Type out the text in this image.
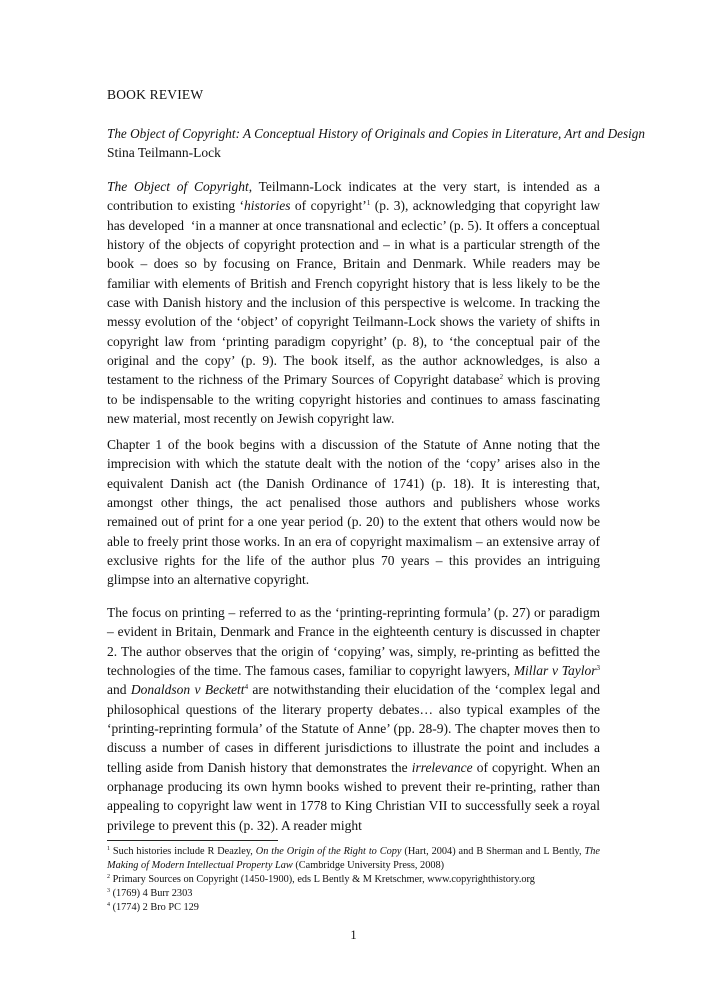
BOOK REVIEW
The Object of Copyright: A Conceptual History of Originals and Copies in Literature, Art and Design
Stina Teilmann-Lock

The Object of Copyright, Teilmann-Lock indicates at the very start, is intended as a contribution to existing ‘histories of copyright’$^1$ (p. 3), acknowledging that copyright law has developed  ‘in a manner at once transnational and eclectic’ (p. 5). It offers a conceptual history of the objects of copyright protection and – in what is a particular strength of the book – does so by focusing on France, Britain and Denmark. While readers may be familiar with elements of British and French copyright history that is less likely to be the case with Danish history and the inclusion of this perspective is welcome. In tracking the messy evolution of the ‘object’ of copyright Teilmann-Lock shows the variety of shifts in copyright law from ‘printing paradigm copyright’ (p. 8), to ‘the conceptual pair of the original and the copy’ (p. 9). The book itself, as the author acknowledges, is also a testament to the richness of the Primary Sources of Copyright database$^2$ which is proving to be indispensable to the writing copyright histories and continues to amass fascinating new material, most recently on Jewish copyright law.

Chapter 1 of the book begins with a discussion of the Statute of Anne noting that the imprecision with which the statute dealt with the notion of the ‘copy’ arises also in the equivalent Danish act (the Danish Ordinance of 1741) (p. 18). It is interesting that, amongst other things, the act penalised those authors and publishers whose works remained out of print for a one year period (p. 20) to the extent that others would now be able to freely print those works. In an era of copyright maximalism – an extensive array of exclusive rights for the life of the author plus 70 years – this provides an intriguing glimpse into an alternative copyright.

The focus on printing – referred to as the ‘printing-reprinting formula’ (p. 27) or paradigm – evident in Britain, Denmark and France in the eighteenth century is discussed in chapter 2. The author observes that the origin of ‘copying’ was, simply, re-printing as befitted the technologies of the time. The famous cases, familiar to copyright lawyers, Millar v Taylor$^3$ and Donaldson v Beckett$^4$ are notwithstanding their elucidation of the ‘complex legal and philosophical questions of the literary property debates… also typical examples of the ‘printing-reprinting formula’ of the Statute of Anne’ (pp. 28-9). The chapter moves then to discuss a number of cases in different jurisdictions to illustrate the point and includes a telling aside from Danish history that demonstrates the irrelevance of copyright. When an orphanage producing its own hymn books wished to prevent their re-printing, rather than appealing to copyright law went in 1778 to King Christian VII to successfully seek a royal privilege to prevent this (p. 32). A reader might

$^1$ Such histories include R Deazley, On the Origin of the Right to Copy (Hart, 2004) and B Sherman and L Bently, The Making of Modern Intellectual Property Law (Cambridge University Press, 2008)

$^2$ Primary Sources on Copyright (1450-1900), eds L Bently & M Kretschmer, www.copyrighthistory.org

$^3$ (1769) 4 Burr 2303

$^4$ (1774) 2 Bro PC 129

1
